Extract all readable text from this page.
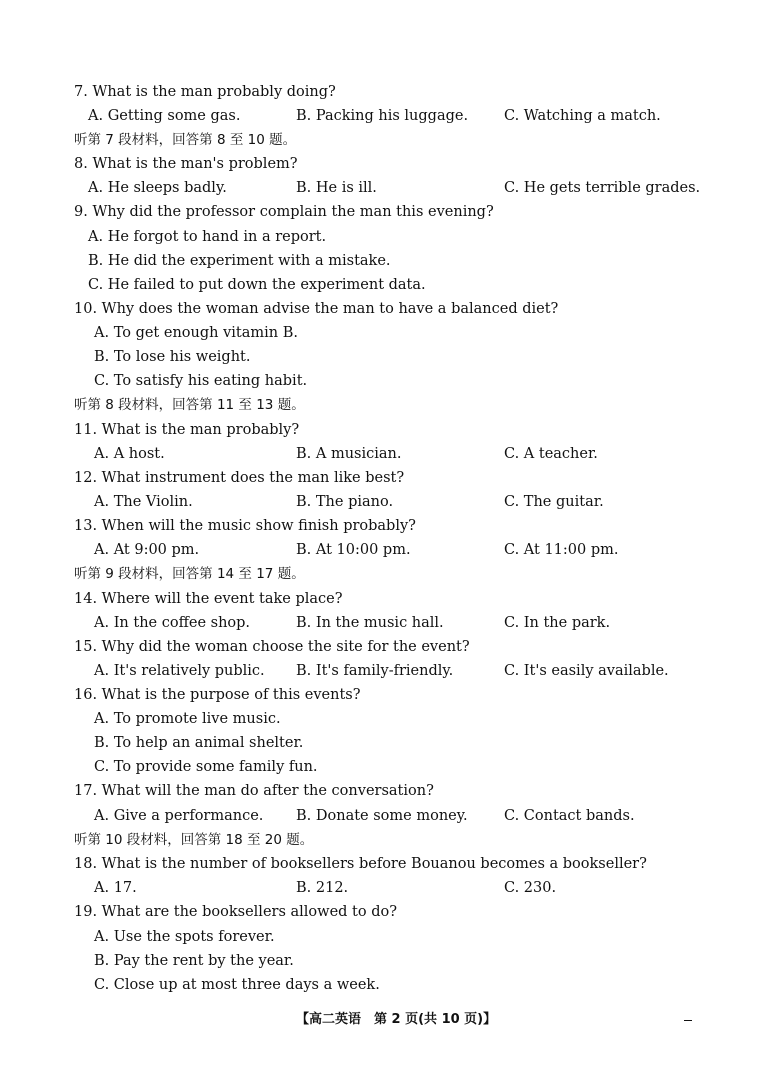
7. What is the man probably doing?
A. Getting some gas.	B. Packing his luggage. C. Watching a match.
听第 7 段材料，回答第 8 至 10 题。
8. What is the man's problem?
A. He sleeps badly.	B. He is ill.	C. He gets terrible grades.
9. Why did the professor complain the man this evening?
A. He forgot to hand in a report.
B. He did the experiment with a mistake.
C. He failed to put down the experiment data.
10. Why does the woman advise the man to have a balanced diet?
A. To get enough vitamin B.
B. To lose his weight.
C. To satisfy his eating habit.
听第 8 段材料，回答第 11 至 13 题。
11. What is the man probably?
A. A host.	B. A musician.	C. A teacher.
12. What instrument does the man like best?
A. The Violin.	B. The piano.	C. The guitar.
13. When will the music show finish probably?
A. At 9:00 pm.	B. At 10:00 pm.	C. At 11:00 pm.
听第 9 段材料，回答第 14 至 17 题。
14. Where will the event take place?
A. In the coffee shop.	B. In the music hall.	C. In the park.
15. Why did the woman choose the site for the event?
A. It's relatively public. B. It's family-friendly.	C. It's easily available.
16. What is the purpose of this events?
A. To promote live music.
B. To help an animal shelter.
C. To provide some family fun.
17. What will the man do after the conversation?
A. Give a performance. B. Donate some money.	C. Contact bands.
听第 10 段材料，回答第 18 至 20 题。
18. What is the number of booksellers before Bouanou becomes a bookseller?
A. 17.	B. 212.	C. 230.
19. What are the booksellers allowed to do?
A. Use the spots forever.
B. Pay the rent by the year.
C. Close up at most three days a week.
【高二英语　第 2 页(共 10 页)】
